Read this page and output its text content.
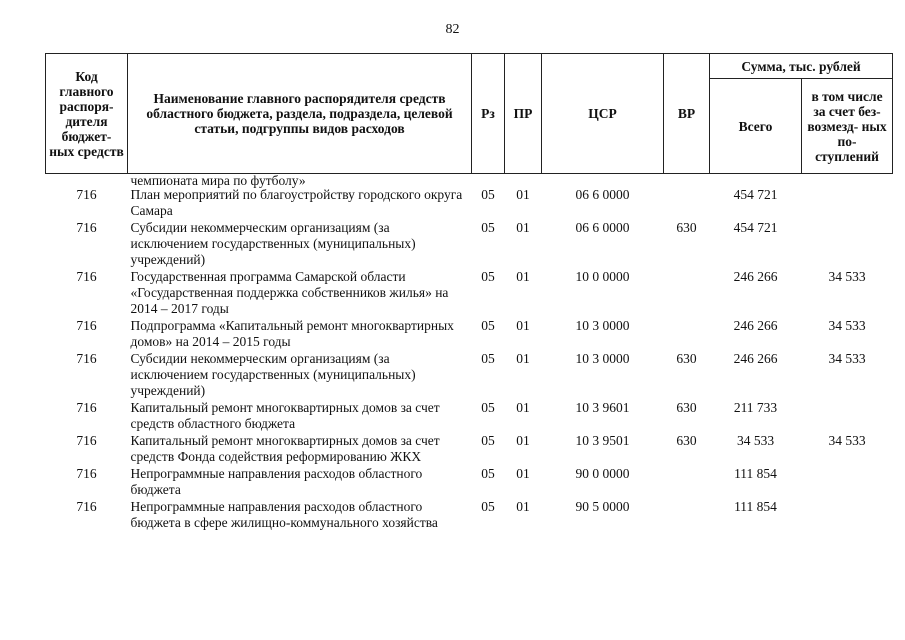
82
Код главного распоря- дителя бюджет- ных средств	Наименование главного распорядителя средств областного бюджета, раздела, подраздела, целевой статьи, подгруппы видов расходов	Рз	ПР	ЦСР	ВР	Сумма, тыс. рублей	
						Всего	в том числе за счет без- возмезд- ных по- ступлений
	чемпионата мира по футболу»						
716	План мероприятий по благоустройству городского округа Самара	05	01	06 6 0000		454 721	
716	Субсидии некоммерческим организациям (за исключением государственных (муниципальных) учреждений)	05	01	06 6 0000	630	454 721	
716	Государственная программа Самарской области «Государственная поддержка собственников жилья» на 2014 – 2017 годы	05	01	10 0 0000		246 266	34 533
716	Подпрограмма «Капитальный ремонт многоквартирных домов» на 2014 – 2015 годы	05	01	10 3 0000		246 266	34 533
716	Субсидии некоммерческим организациям (за исключением государственных (муниципальных) учреждений)	05	01	10 3 0000	630	246 266	34 533
716	Капитальный ремонт многоквартирных домов за счет средств областного бюджета	05	01	10 3 9601	630	211 733	
716	Капитальный ремонт многоквартирных домов за счет средств Фонда содействия реформированию ЖКХ	05	01	10 3 9501	630	34 533	34 533
716	Непрограммные направления расходов областного бюджета	05	01	90 0 0000		111 854	
716	Непрограммные направления расходов областного бюджета в сфере жилищно-коммунального хозяйства	05	01	90 5 0000		111 854	
